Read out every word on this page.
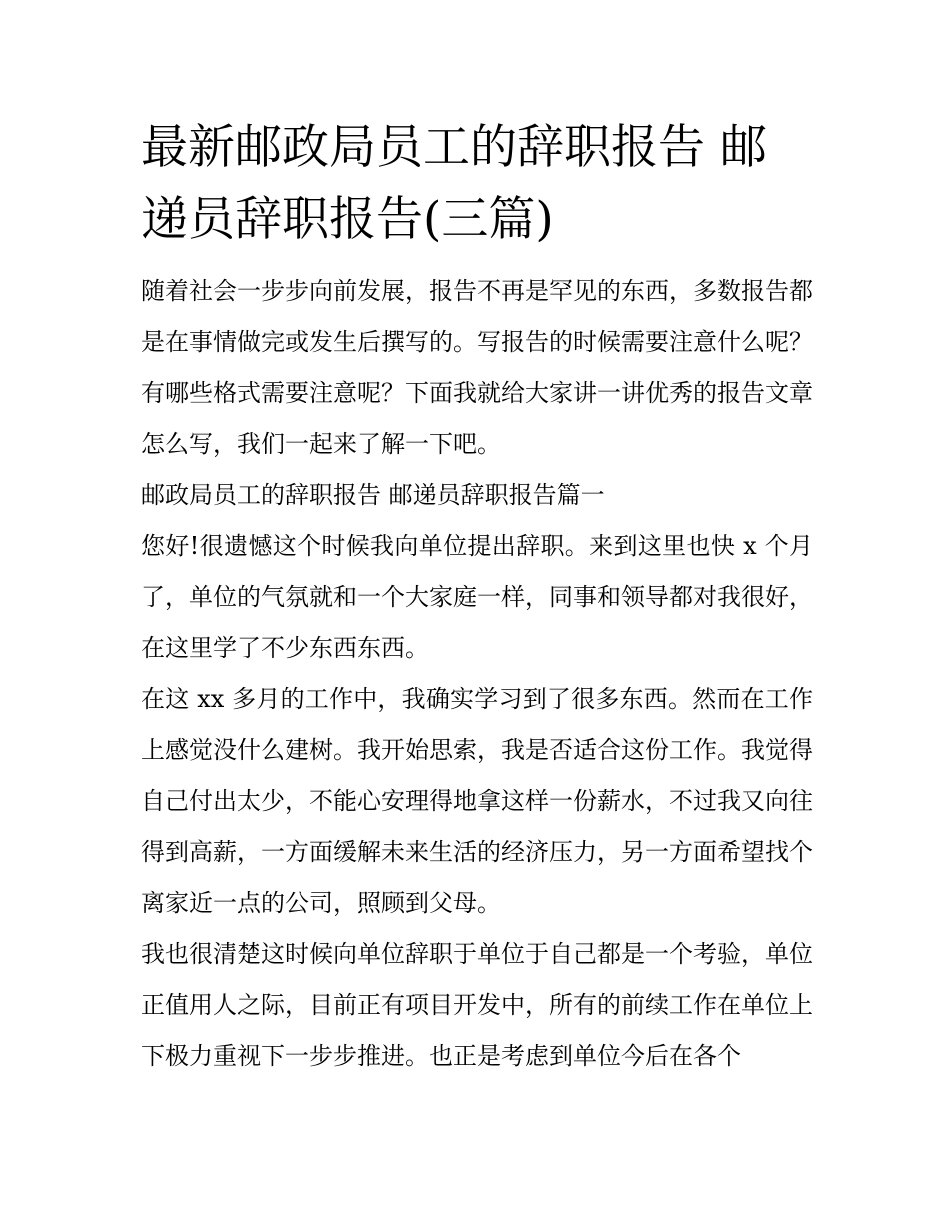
最新邮政局员工的辞职报告 邮递员辞职报告(三篇)

随着社会一步步向前发展，报告不再是罕见的东西，多数报告都是在事情做完或发生后撰写的。写报告的时候需要注意什么呢？有哪些格式需要注意呢？下面我就给大家讲一讲优秀的报告文章怎么写，我们一起来了解一下吧。

邮政局员工的辞职报告 邮递员辞职报告篇一

您好!很遗憾这个时候我向单位提出辞职。来到这里也快 x 个月了，单位的气氛就和一个大家庭一样，同事和领导都对我很好，在这里学了不少东西东西。

在这 xx 多月的工作中，我确实学习到了很多东西。然而在工作上感觉没什么建树。我开始思索，我是否适合这份工作。我觉得自己付出太少，不能心安理得地拿这样一份薪水，不过我又向往得到高薪，一方面缓解未来生活的经济压力，另一方面希望找个离家近一点的公司，照顾到父母。

我也很清楚这时候向单位辞职于单位于自己都是一个考验，单位正值用人之际，目前正有项目开发中，所有的前续工作在单位上下极力重视下一步步推进。也正是考虑到单位今后在各个
